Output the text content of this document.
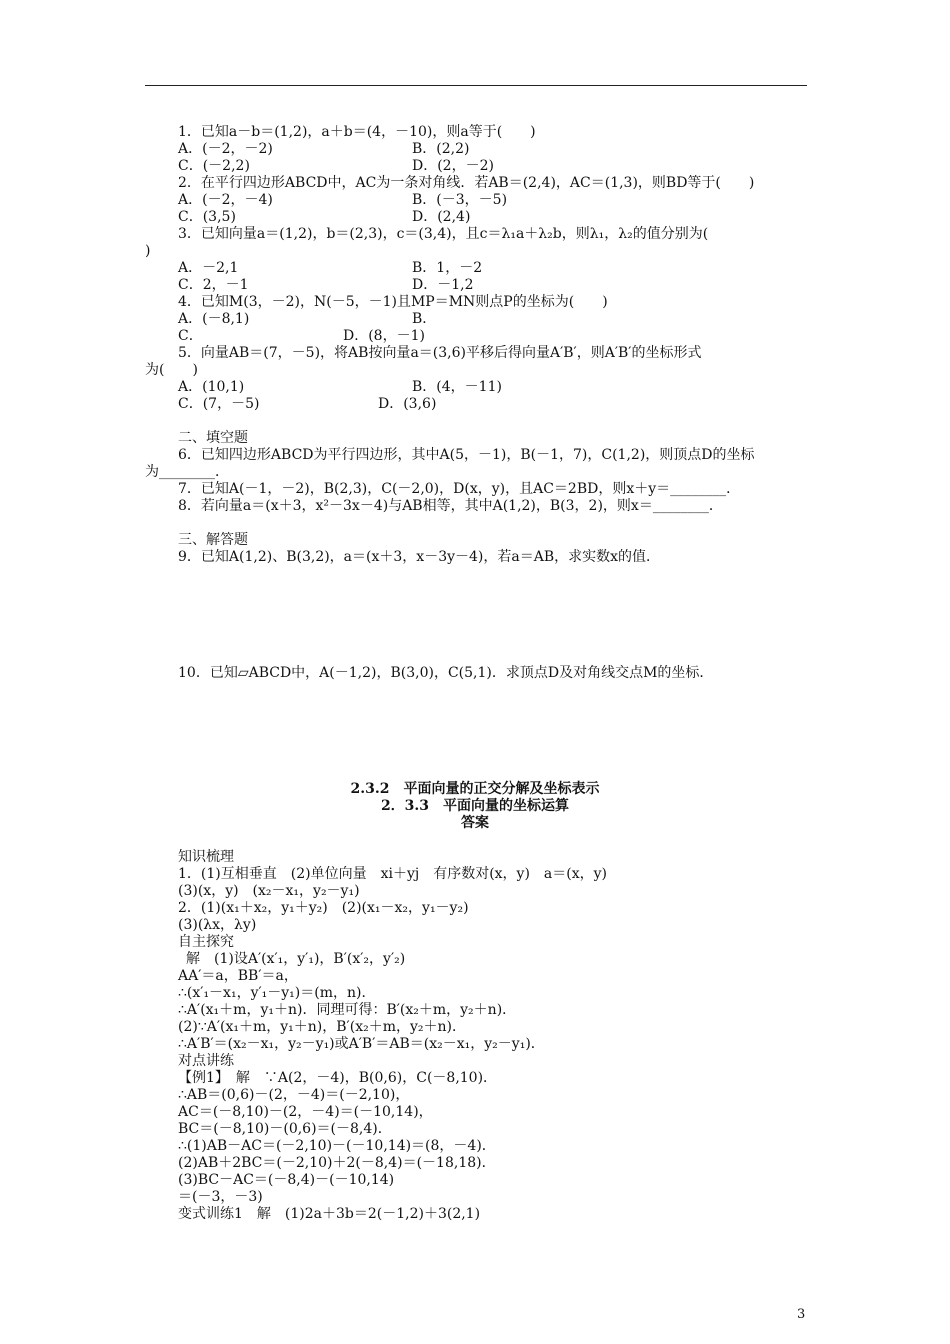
1．已知a－b＝(1,2)，a＋b＝(4，－10)，则a等于(　　)
A．(－2，－2)	B．(2,2)
C．(－2,2)	D．(2，－2)
2．在平行四边形ABCD中，AC为一条对角线．若AB＝(2,4)，AC＝(1,3)，则BD等于(　　)
A．(－2，－4)	B．(－3，－5)
C．(3,5)	D．(2,4)
3．已知向量a＝(1,2)，b＝(2,3)，c＝(3,4)，且c＝λ₁a＋λ₂b，则λ₁，λ₂的值分别为(
)
A．－2,1	B．1，－2
C．2，－1	D．－1,2
4．已知M(3，－2)，N(－5，－1)且MP＝MN则点P的坐标为(　　)
A．(－8,1)	B．
C．	D．(8，－1)
5．向量AB＝(7，－5)，将AB按向量a＝(3,6)平移后得向量A′B′，则A′B′的坐标形式
为(　　)
A．(10,1)	B．(4，－11)
C．(7，－5)	D．(3,6)
二、填空题
6．已知四边形ABCD为平行四边形，其中A(5，－1)，B(－1，7)，C(1,2)，则顶点D的坐标
为________．
7．已知A(－1，－2)，B(2,3)，C(－2,0)，D(x，y)，且AC＝2BD，则x＋y＝________．
8．若向量a＝(x＋3，x²－3x－4)与AB相等，其中A(1,2)，B(3，2)，则x＝________．
三、解答题
9．已知A(1,2)、B(3,2)，a＝(x＋3，x－3y－4)，若a＝AB，求实数x的值．
10．已知▱ABCD中，A(－1,2)，B(3,0)，C(5,1)．求顶点D及对角线交点M的坐标．
2.3.2　平面向量的正交分解及坐标表示
2．3.3　平面向量的坐标运算
答案
知识梳理
1．(1)互相垂直　(2)单位向量　xi＋yj　有序数对(x，y)　a＝(x，y)
(3)(x，y)　(x₂－x₁，y₂－y₁)
2．(1)(x₁＋x₂，y₁＋y₂)　(2)(x₁－x₂，y₁－y₂)
(3)(λx，λy)
自主探究
解　(1)设A′(x′₁，y′₁)，B′(x′₂，y′₂)
AA′＝a，BB′＝a，
∴(x′₁－x₁，y′₁－y₁)＝(m，n)．
∴A′(x₁＋m，y₁＋n)．同理可得：B′(x₂＋m，y₂＋n)．
(2)∵A′(x₁＋m，y₁＋n)，B′(x₂＋m，y₂＋n)．
∴A′B′＝(x₂－x₁，y₂－y₁)或A′B′＝AB＝(x₂－x₁，y₂－y₁)．
对点讲练
【例1】　解　∵A(2，－4)，B(0,6)，C(－8,10)．
∴AB＝(0,6)－(2，－4)＝(－2,10)，
AC＝(－8,10)－(2，－4)＝(－10,14)，
BC＝(－8,10)－(0,6)＝(－8,4)．
∴(1)AB－AC＝(－2,10)－(－10,14)＝(8，－4)．
(2)AB＋2BC＝(－2,10)＋2(－8,4)＝(－18,18)．
(3)BC－AC＝(－8,4)－(－10,14)
＝(－3，－3)
变式训练1　解　(1)2a＋3b＝2(－1,2)＋3(2,1)
3
